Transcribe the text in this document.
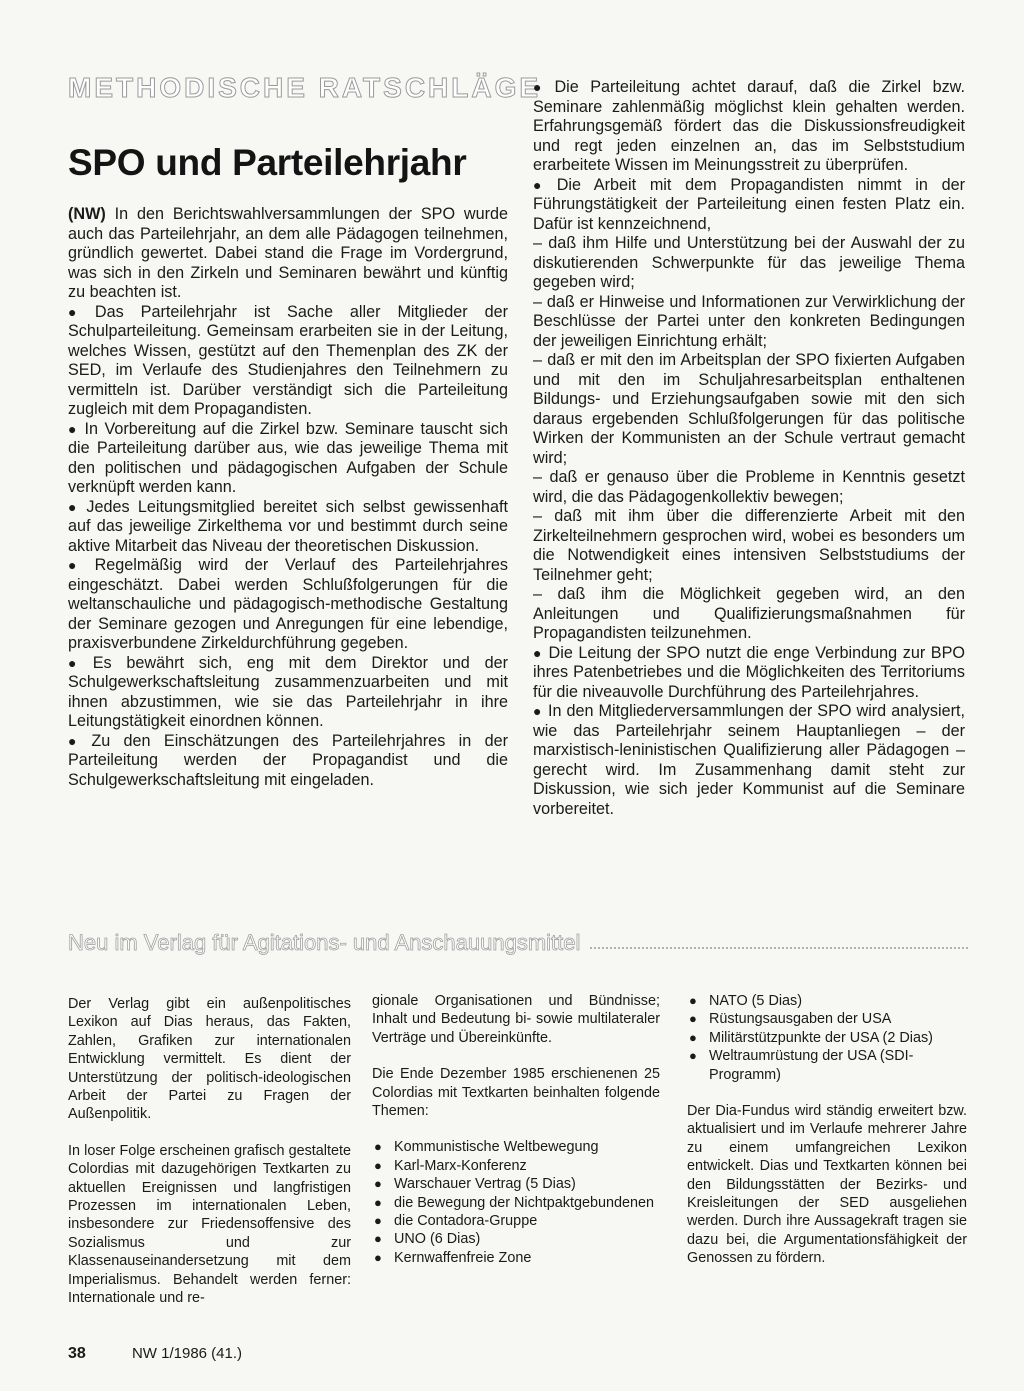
METHODISCHE RATSCHLÄGE
SPO und Parteilehrjahr

(NW) In den Berichtswahlversammlungen der SPO wurde auch das Parteilehrjahr, an dem alle Pädagogen teilnehmen, gründlich gewertet. Dabei stand die Frage im Vordergrund, was sich in den Zirkeln und Seminaren bewährt und künftig zu beachten ist.

● Das Parteilehrjahr ist Sache aller Mitglieder der Schulparteileitung. Gemeinsam erarbeiten sie in der Leitung, welches Wissen, gestützt auf den Themenplan des ZK der SED, im Verlaufe des Studienjahres den Teilnehmern zu vermitteln ist. Darüber verständigt sich die Parteileitung zugleich mit dem Propagandisten.

● In Vorbereitung auf die Zirkel bzw. Seminare tauscht sich die Parteileitung darüber aus, wie das jeweilige Thema mit den politischen und pädagogischen Aufgaben der Schule verknüpft werden kann.

● Jedes Leitungsmitglied bereitet sich selbst gewissenhaft auf das jeweilige Zirkelthema vor und bestimmt durch seine aktive Mitarbeit das Niveau der theoretischen Diskussion.

● Regelmäßig wird der Verlauf des Parteilehrjahres eingeschätzt. Dabei werden Schlußfolgerungen für die weltanschauliche und pädagogisch-methodische Gestaltung der Seminare gezogen und Anregungen für eine lebendige, praxisverbundene Zirkeldurchführung gegeben.

● Es bewährt sich, eng mit dem Direktor und der Schulgewerkschaftsleitung zusammenzuarbeiten und mit ihnen abzustimmen, wie sie das Parteilehrjahr in ihre Leitungstätigkeit einordnen können.

● Zu den Einschätzungen des Parteilehrjahres in der Parteileitung werden der Propagandist und die Schulgewerkschaftsleitung mit eingeladen.

● Die Parteileitung achtet darauf, daß die Zirkel bzw. Seminare zahlenmäßig möglichst klein gehalten werden. Erfahrungsgemäß fördert das die Diskussionsfreudigkeit und regt jeden einzelnen an, das im Selbststudium erarbeitete Wissen im Meinungsstreit zu überprüfen.

● Die Arbeit mit dem Propagandisten nimmt in der Führungstätigkeit der Parteileitung einen festen Platz ein. Dafür ist kennzeichnend,

– daß ihm Hilfe und Unterstützung bei der Auswahl der zu diskutierenden Schwerpunkte für das jeweilige Thema gegeben wird;

– daß er Hinweise und Informationen zur Verwirklichung der Beschlüsse der Partei unter den konkreten Bedingungen der jeweiligen Einrichtung erhält;

– daß er mit den im Arbeitsplan der SPO fixierten Aufgaben und mit den im Schuljahresarbeitsplan enthaltenen Bildungs- und Erziehungsaufgaben sowie mit den sich daraus ergebenden Schlußfolgerungen für das politische Wirken der Kommunisten an der Schule vertraut gemacht wird;

– daß er genauso über die Probleme in Kenntnis gesetzt wird, die das Pädagogenkollektiv bewegen;

– daß mit ihm über die differenzierte Arbeit mit den Zirkelteilnehmern gesprochen wird, wobei es besonders um die Notwendigkeit eines intensiven Selbststudiums der Teilnehmer geht;

– daß ihm die Möglichkeit gegeben wird, an den Anleitungen und Qualifizierungsmaßnahmen für Propagandisten teilzunehmen.

● Die Leitung der SPO nutzt die enge Verbindung zur BPO ihres Patenbetriebes und die Möglichkeiten des Territoriums für die niveauvolle Durchführung des Parteilehrjahres.

● In den Mitgliederversammlungen der SPO wird analysiert, wie das Parteilehrjahr seinem Hauptanliegen – der marxistisch-leninistischen Qualifizierung aller Pädagogen – gerecht wird. Im Zusammenhang damit steht zur Diskussion, wie sich jeder Kommunist auf die Seminare vorbereitet.

Neu im Verlag für Agitations- und Anschauungsmittel

Der Verlag gibt ein außenpolitisches Lexikon auf Dias heraus, das Fakten, Zahlen, Grafiken zur internationalen Entwicklung vermittelt. Es dient der Unterstützung der politisch-ideologischen Arbeit der Partei zu Fragen der Außenpolitik.

In loser Folge erscheinen grafisch gestaltete Colordias mit dazugehörigen Textkarten zu aktuellen Ereignissen und langfristigen Prozessen im internationalen Leben, insbesondere zur Friedensoffensive des Sozialismus und zur Klassenauseinandersetzung mit dem Imperialismus. Behandelt werden ferner: Internationale und re-

gionale Organisationen und Bündnisse; Inhalt und Bedeutung bi- sowie multilateraler Verträge und Übereinkünfte.

Die Ende Dezember 1985 erschienenen 25 Colordias mit Textkarten beinhalten folgende Themen:

● Kommunistische Weltbewegung
● Karl-Marx-Konferenz
● Warschauer Vertrag (5 Dias)
● die Bewegung der Nichtpaktgebundenen
● die Contadora-Gruppe
● UNO (6 Dias)
● Kernwaffenfreie Zone
● NATO (5 Dias)
● Rüstungsausgaben der USA
● Militärstützpunkte der USA (2 Dias)
● Weltraumrüstung der USA (SDI-Programm)

Der Dia-Fundus wird ständig erweitert bzw. aktualisiert und im Verlaufe mehrerer Jahre zu einem umfangreichen Lexikon entwickelt. Dias und Textkarten können bei den Bildungsstätten der Bezirks- und Kreisleitungen der SED ausgeliehen werden. Durch ihre Aussagekraft tragen sie dazu bei, die Argumentationsfähigkeit der Genossen zu fördern.

38	NW 1/1986 (41.)
